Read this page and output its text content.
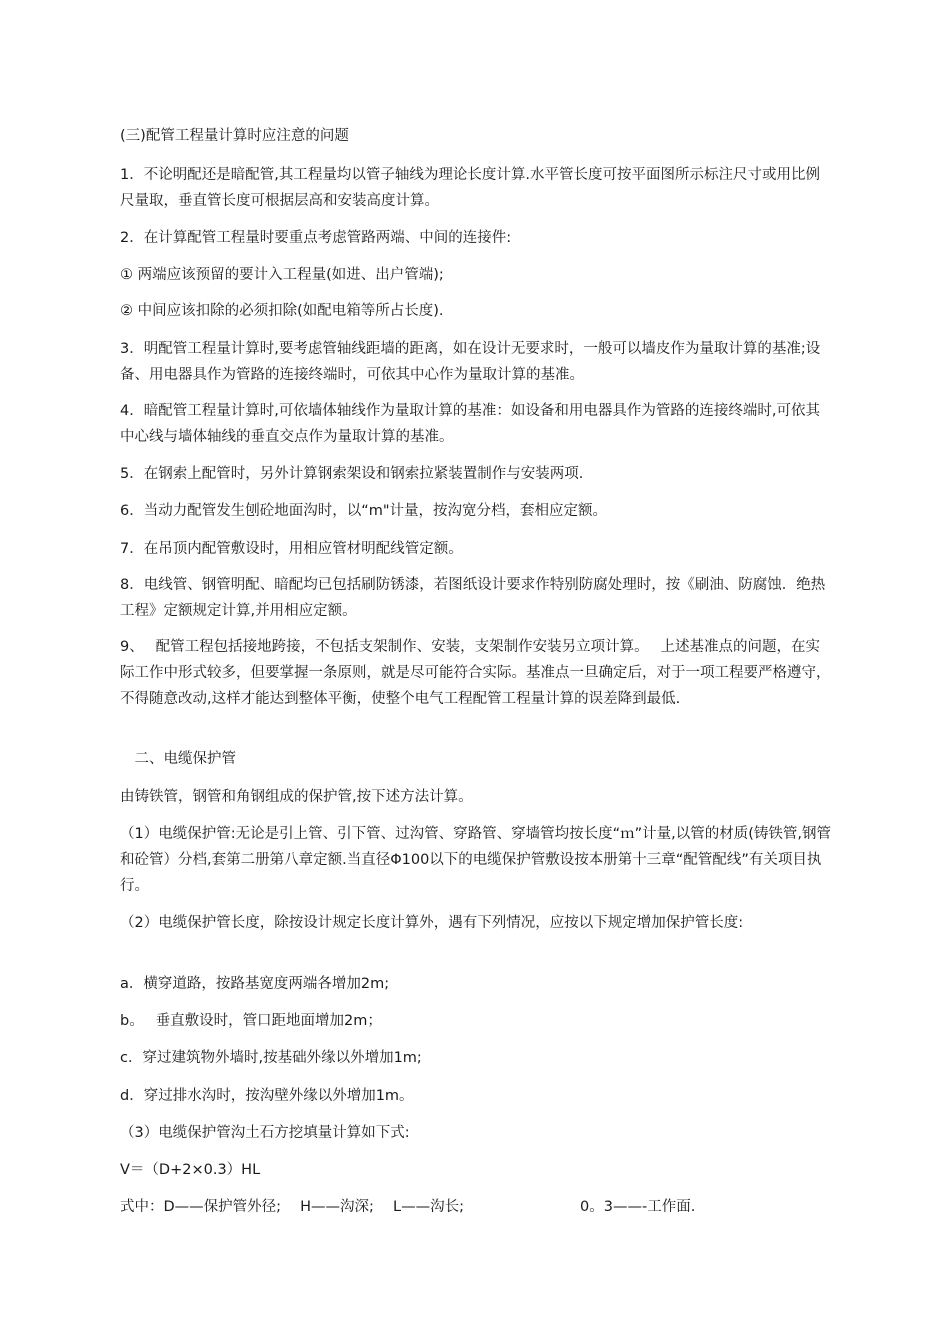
(三)配管工程量计算时应注意的问题

1．不论明配还是暗配管,其工程量均以管子轴线为理论长度计算.水平管长度可按平面图所示标注尺寸或用比例尺量取，垂直管长度可根据层高和安装高度计算。

2．在计算配管工程量时要重点考虑管路两端、中间的连接件:

① 两端应该预留的要计入工程量(如进、出户管端);

② 中间应该扣除的必须扣除(如配电箱等所占长度).

3．明配管工程量计算时,要考虑管轴线距墙的距离，如在设计无要求时，一般可以墙皮作为量取计算的基准;设备、用电器具作为管路的连接终端时，可依其中心作为量取计算的基准。

4．暗配管工程量计算时,可依墙体轴线作为量取计算的基准：如设备和用电器具作为管路的连接终端时,可依其中心线与墙体轴线的垂直交点作为量取计算的基准。

5．在钢索上配管时，另外计算钢索架设和钢索拉紧装置制作与安装两项.

6．当动力配管发生刨砼地面沟时，以“m"计量，按沟宽分档，套相应定额。

7．在吊顶内配管敷设时，用相应管材明配线管定额。

8．电线管、钢管明配、暗配均已包括刷防锈漆，若图纸设计要求作特别防腐处理时，按《刷油、防腐蚀．绝热工程》定额规定计算,并用相应定额。

9、　 配管工程包括接地跨接，不包括支架制作、安装，支架制作安装另立项计算。　 上述基准点的问题，在实际工作中形式较多，但要掌握一条原则，就是尽可能符合实际。基准点一旦确定后，对于一项工程要严格遵守，不得随意改动,这样才能达到整体平衡，使整个电气工程配管工程量计算的误差降到最低.

　二、电缆保护管

由铸铁管，钢管和角钢组成的保护管,按下述方法计算。

（1）电缆保护管:无论是引上管、引下管、过沟管、穿路管、穿墙管均按长度“ｍ”计量,以管的材质(铸铁管,钢管和砼管）分档,套第二册第八章定额.当直径Φ100以下的电缆保护管敷设按本册第十三章“配管配线”有关项目执行。

（2）电缆保护管长度，除按设计规定长度计算外，遇有下列情况，应按以下规定增加保护管长度:

a．横穿道路，按路基宽度两端各增加2m;

b。　 垂直敷设时，管口距地面增加2m；

c．穿过建筑物外墙时,按基础外缘以外增加1m;

d．穿过排水沟时，按沟壁外缘以外增加1m。

（3）电缆保护管沟土石方挖填量计算如下式:

V＝（D+2×0.3）HL

式中：D——保护管外径;　 H——沟深;　 L——沟长;　　　　　　　　0。3——-工作面.
